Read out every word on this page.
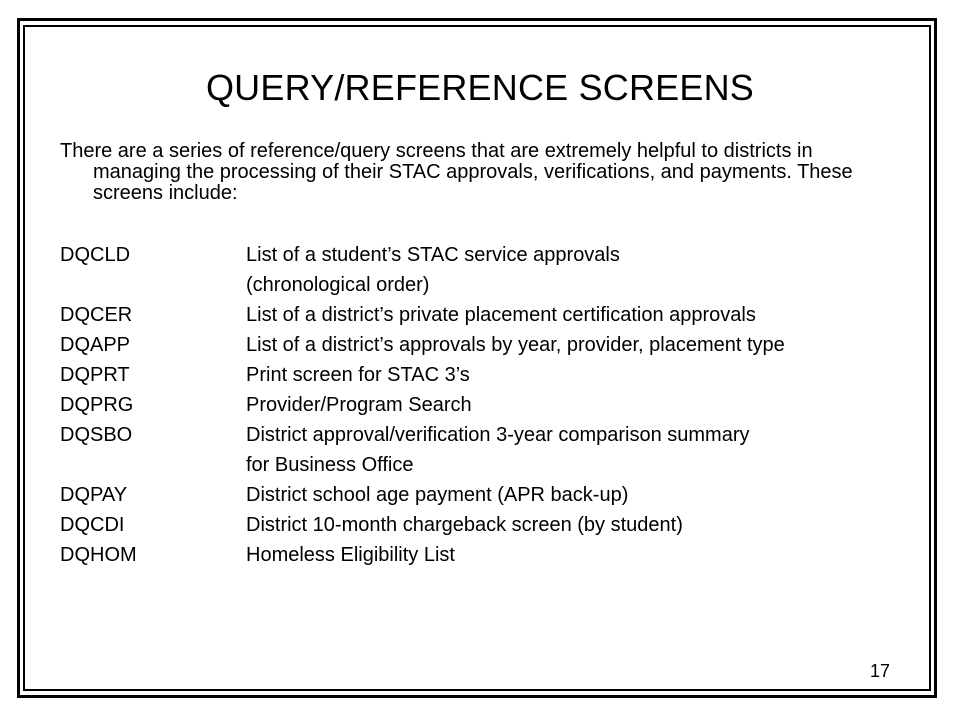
QUERY/REFERENCE SCREENS
There are a series of reference/query screens that are extremely helpful to districts in managing the processing of their STAC approvals, verifications, and payments. These screens include:
DQCLD	List of a student’s STAC service approvals
(chronological order)
DQCER	List of a district’s private placement certification approvals
DQAPP	List of a district’s approvals by year, provider, placement type
DQPRT	Print screen for STAC 3’s
DQPRG	Provider/Program Search
DQSBO	District approval/verification 3-year comparison summary
for Business Office
DQPAY	District school age payment (APR back-up)
DQCDI	District 10-month chargeback screen (by student)
DQHOM	Homeless Eligibility List
17
